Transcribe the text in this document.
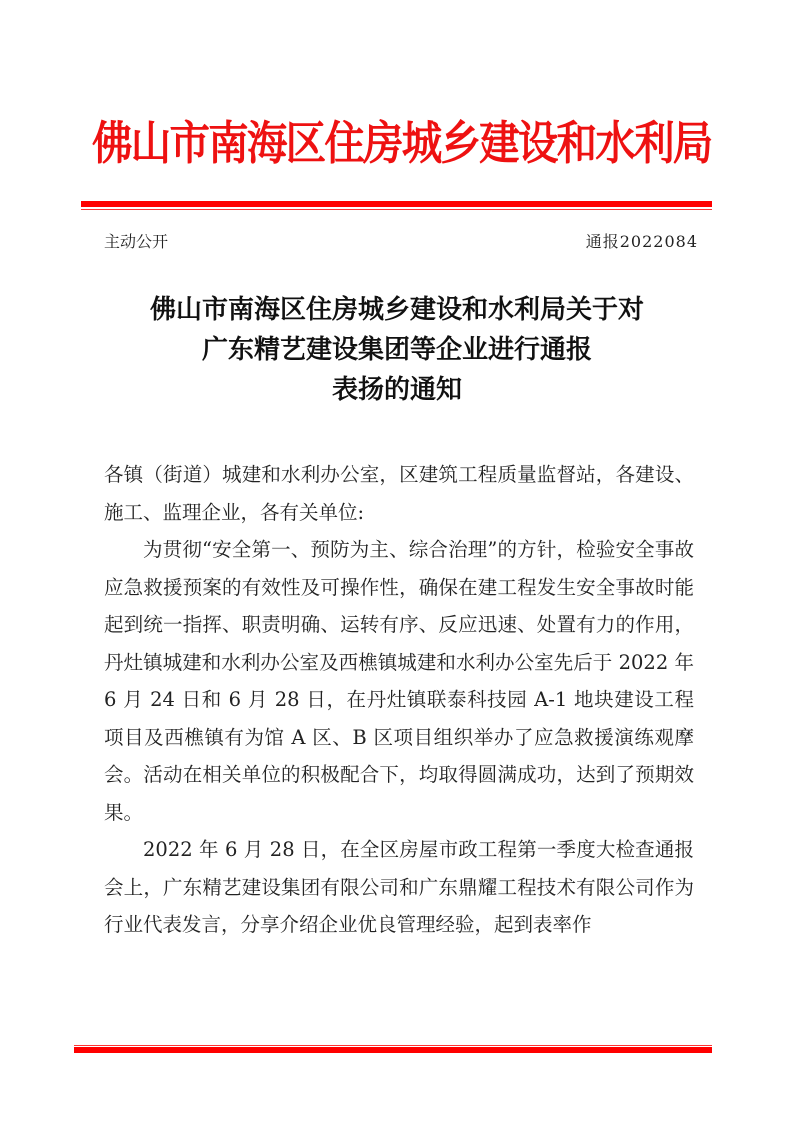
佛山市南海区住房城乡建设和水利局
主动公开	通报2022084
佛山市南海区住房城乡建设和水利局关于对
广东精艺建设集团等企业进行通报
表扬的通知

各镇（街道）城建和水利办公室，区建筑工程质量监督站，各建设、施工、监理企业，各有关单位:

为贯彻“安全第一、预防为主、综合治理”的方针，检验安全事故应急救援预案的有效性及可操作性，确保在建工程发生安全事故时能起到统一指挥、职责明确、运转有序、反应迅速、处置有力的作用，丹灶镇城建和水利办公室及西樵镇城建和水利办公室先后于 2022 年 6 月 24 日和 6 月 28 日，在丹灶镇联泰科技园 A-1 地块建设工程项目及西樵镇有为馆 A 区、B 区项目组织举办了应急救援演练观摩会。活动在相关单位的积极配合下，均取得圆满成功，达到了预期效果。

2022 年 6 月 28 日，在全区房屋市政工程第一季度大检查通报会上，广东精艺建设集团有限公司和广东鼎耀工程技术有限公司作为行业代表发言，分享介绍企业优良管理经验，起到表率作
